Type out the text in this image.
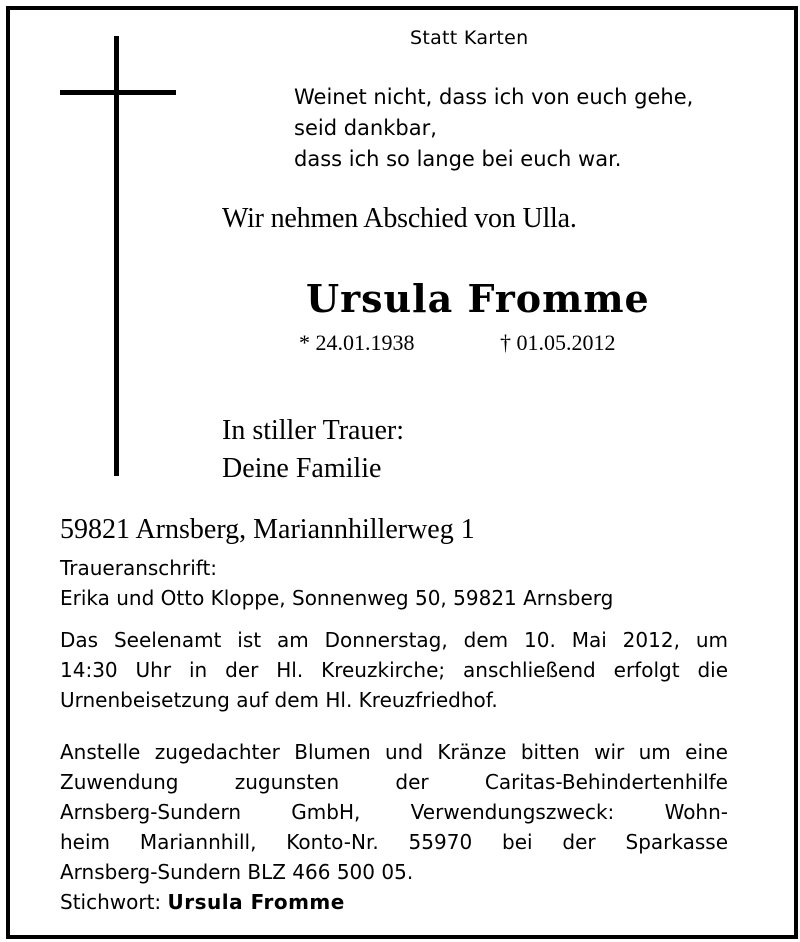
Statt Karten
Weinet nicht, dass ich von euch gehe,
seid dankbar,
dass ich so lange bei euch war.
Wir nehmen Abschied von Ulla.
Ursula Fromme
* 24.01.1938	† 01.05.2012
In stiller Trauer:
Deine Familie
59821 Arnsberg, Mariannhillerweg 1
Traueranschrift:
Erika und Otto Kloppe, Sonnenweg 50, 59821 Arnsberg
Das Seelenamt ist am Donnerstag, dem 10. Mai 2012, um
14:30 Uhr in der Hl. Kreuzkirche; anschließend erfolgt die
Urnenbeisetzung auf dem Hl. Kreuzfriedhof.
Anstelle zugedachter Blumen und Kränze bitten wir um eine
Zuwendung zugunsten der Caritas-Behindertenhilfe
Arnsberg-Sundern GmbH, Verwendungszweck: Wohn-
heim Mariannhill, Konto-Nr. 55970 bei der Sparkasse
Arnsberg-Sundern BLZ 466 500 05.
Stichwort: Ursula Fromme
